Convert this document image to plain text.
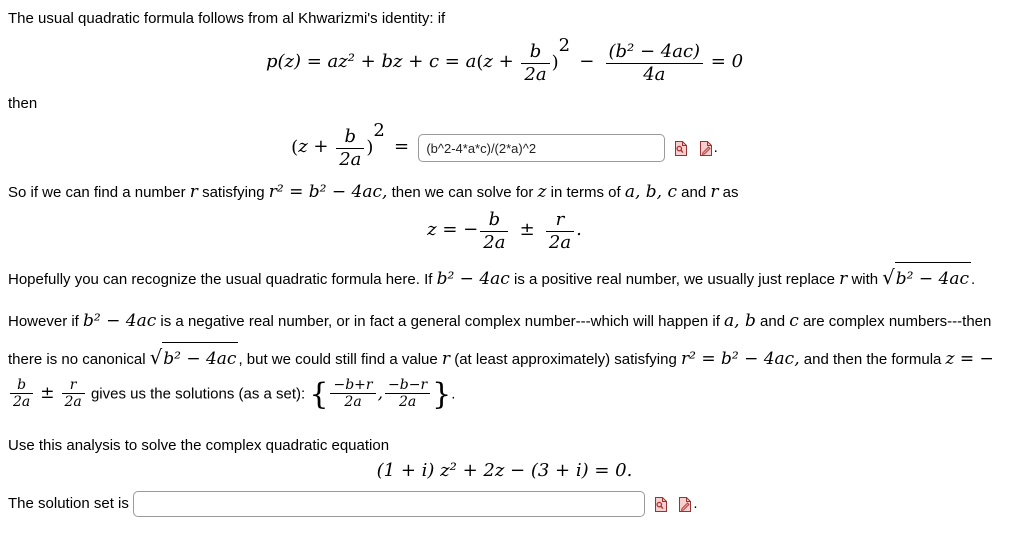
The usual quadratic formula follows from al Khwarizmi's identity: if

p(z) = az² + bz + $c = a(z + \frac{b}{2a} )2 - \frac{\text{(b² − 4ac)}}{4a} = 0$

then

$(z + \frac{b}{2a} )2$ = (b^2-4*a*c)/(2*a)^2	.

So if we can find a number r satisfying r² = b² − 4ac, then we can solve for z in terms of a, b, c and r as

z = − $\frac{b}{2a} \pm \frac{r}{2a}$ .

Hopefully you can recognize the usual quadratic formula here. If b² − 4ac is a positive real number, we usually just replace r with √b² − 4ac .

However if b² − 4ac is a negative real number, or in fact a general complex number---which will happen if a, b and c are complex numbers---then there is no canonical √b² − 4ac , but we could still find a value r (at least approximately) satisfying r² = b² − 4ac, and then the formula z = −
$\frac{b}{2a} \pm \frac{r}{2a}$ gives us the solutions (as a set): { $\frac{-b+r}{2a}$ , $\frac{-b-r}{2a}$ }.

Use this analysis to solve the complex quadratic equation

(1 + i) z² + 2z − (3 + i) = 0.
The solution set is	.
